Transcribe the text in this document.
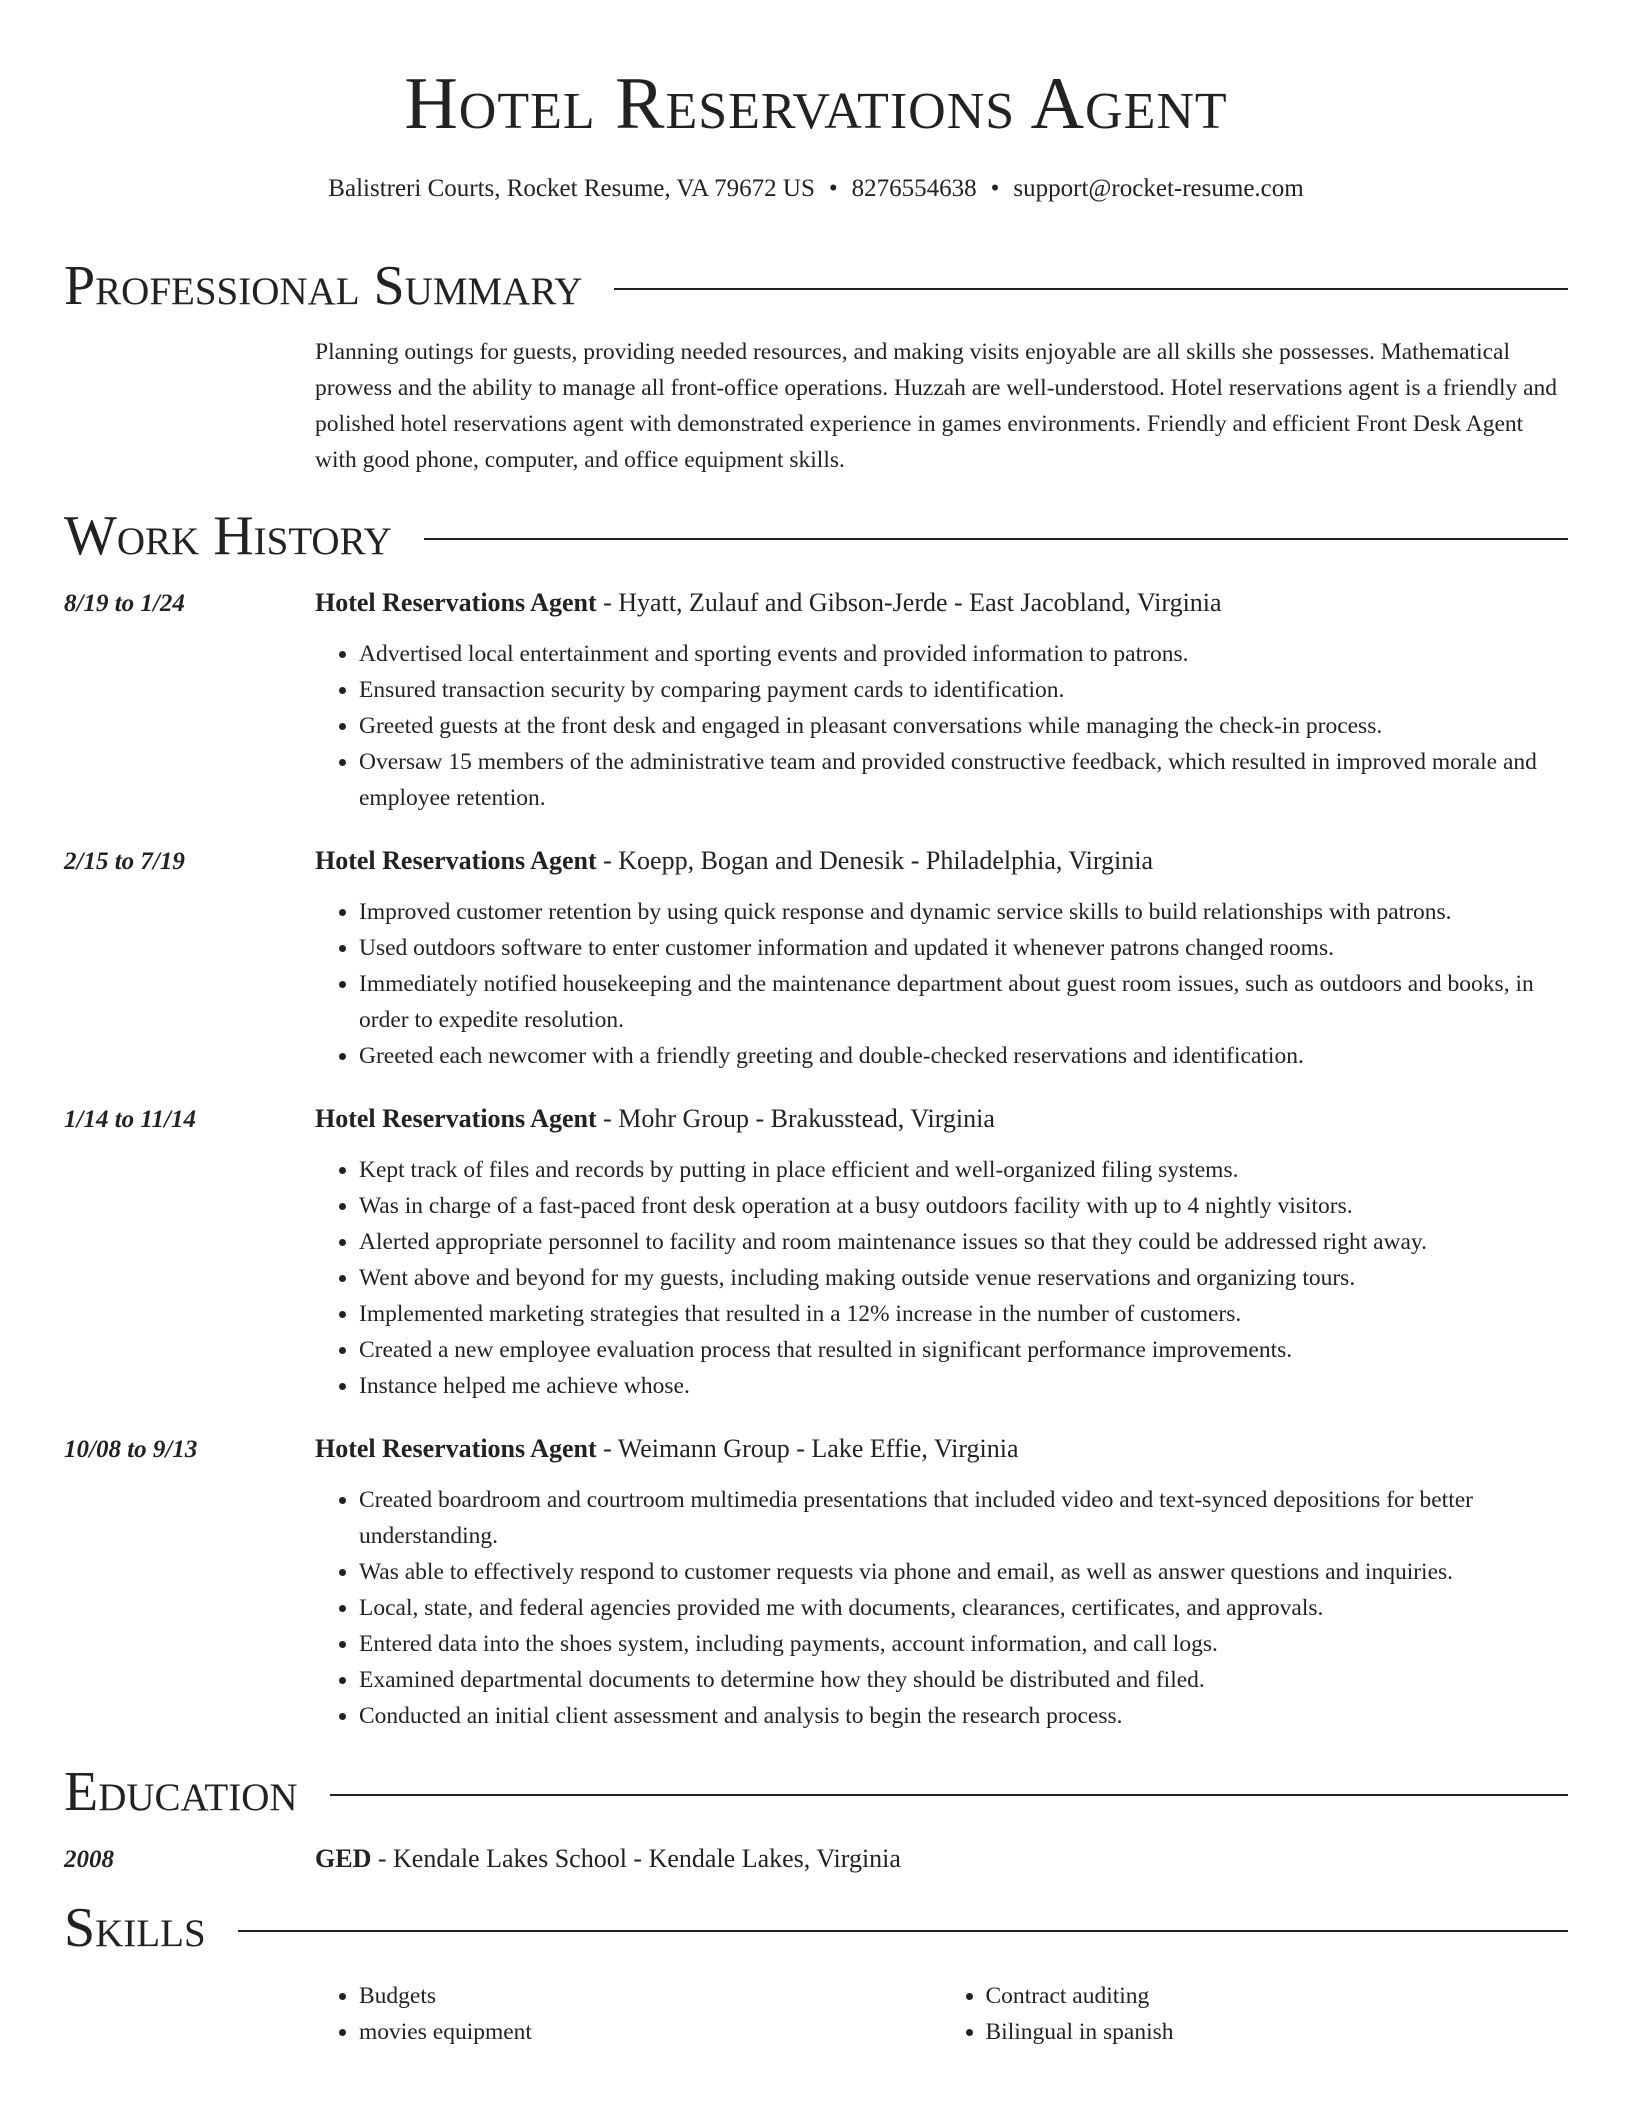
Hotel Reservations Agent
Balistreri Courts, Rocket Resume, VA 79672 US • 8276554638 • support@rocket-resume.com
Professional Summary

Planning outings for guests, providing needed resources, and making visits enjoyable are all skills she possesses. Mathematical prowess and the ability to manage all front-office operations. Huzzah are well-understood. Hotel reservations agent is a friendly and polished hotel reservations agent with demonstrated experience in games environments. Friendly and efficient Front Desk Agent with good phone, computer, and office equipment skills.

Work History
8/19 to 1/24	Hotel Reservations Agent - Hyatt, Zulauf and Gibson-Jerde - East Jacobland, Virginia
• Advertised local entertainment and sporting events and provided information to patrons.
• Ensured transaction security by comparing payment cards to identification.
• Greeted guests at the front desk and engaged in pleasant conversations while managing the check-in process.
• Oversaw 15 members of the administrative team and provided constructive feedback, which resulted in improved morale and employee retention.
2/15 to 7/19	Hotel Reservations Agent - Koepp, Bogan and Denesik - Philadelphia, Virginia
• Improved customer retention by using quick response and dynamic service skills to build relationships with patrons.
• Used outdoors software to enter customer information and updated it whenever patrons changed rooms.
• Immediately notified housekeeping and the maintenance department about guest room issues, such as outdoors and books, in order to expedite resolution.
• Greeted each newcomer with a friendly greeting and double-checked reservations and identification.
1/14 to 11/14	Hotel Reservations Agent - Mohr Group - Brakusstead, Virginia
• Kept track of files and records by putting in place efficient and well-organized filing systems.
• Was in charge of a fast-paced front desk operation at a busy outdoors facility with up to 4 nightly visitors.
• Alerted appropriate personnel to facility and room maintenance issues so that they could be addressed right away.
• Went above and beyond for my guests, including making outside venue reservations and organizing tours.
• Implemented marketing strategies that resulted in a 12% increase in the number of customers.
• Created a new employee evaluation process that resulted in significant performance improvements.
• Instance helped me achieve whose.
10/08 to 9/13	Hotel Reservations Agent - Weimann Group - Lake Effie, Virginia
• Created boardroom and courtroom multimedia presentations that included video and text-synced depositions for better understanding.
• Was able to effectively respond to customer requests via phone and email, as well as answer questions and inquiries.
• Local, state, and federal agencies provided me with documents, clearances, certificates, and approvals.
• Entered data into the shoes system, including payments, account information, and call logs.
• Examined departmental documents to determine how they should be distributed and filed.
• Conducted an initial client assessment and analysis to begin the research process.
Education
2008	GED - Kendale Lakes School - Kendale Lakes, Virginia
Skills
• Budgets
• movies equipment
• Contract auditing
• Bilingual in spanish
